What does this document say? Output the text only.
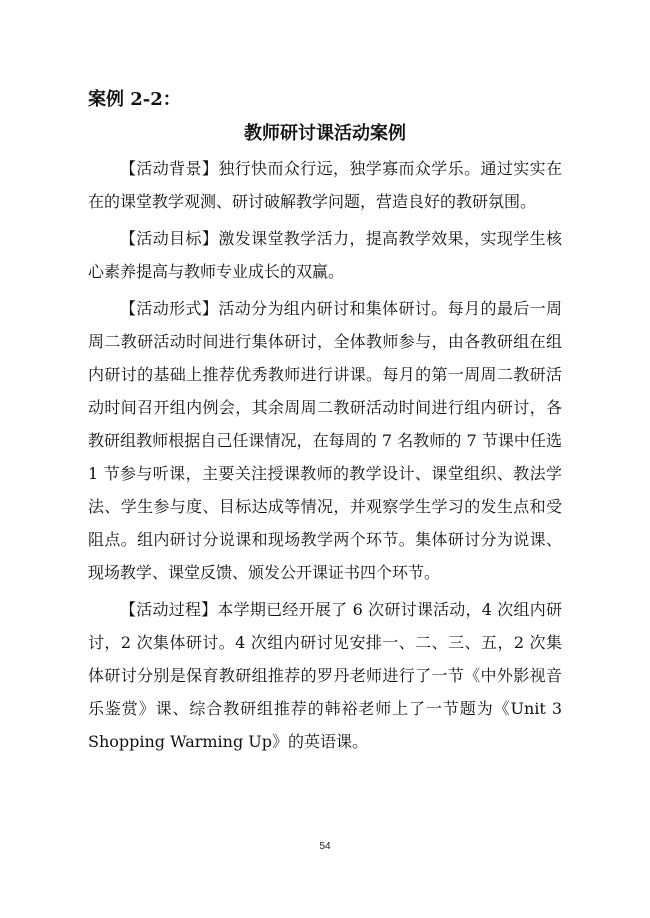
案例 2-2：
教师研讨课活动案例

【活动背景】独行快而众行远，独学寡而众学乐。通过实实在在的课堂教学观测、研讨破解教学问题，营造良好的教研氛围。

【活动目标】激发课堂教学活力，提高教学效果，实现学生核心素养提高与教师专业成长的双赢。

【活动形式】活动分为组内研讨和集体研讨。每月的最后一周周二教研活动时间进行集体研讨，全体教师参与，由各教研组在组内研讨的基础上推荐优秀教师进行讲课。每月的第一周周二教研活动时间召开组内例会，其余周周二教研活动时间进行组内研讨，各教研组教师根据自己任课情况，在每周的 7 名教师的 7 节课中任选 1 节参与听课，主要关注授课教师的教学设计、课堂组织、教法学法、学生参与度、目标达成等情况，并观察学生学习的发生点和受阻点。组内研讨分说课和现场教学两个环节。集体研讨分为说课、现场教学、课堂反馈、颁发公开课证书四个环节。

【活动过程】本学期已经开展了 6 次研讨课活动，4 次组内研讨，2 次集体研讨。4 次组内研讨见安排一、二、三、五，2 次集体研讨分别是保育教研组推荐的罗丹老师进行了一节《中外影视音乐鉴赏》课、综合教研组推荐的韩裕老师上了一节题为《Unit 3 Shopping Warming Up》的英语课。

54
